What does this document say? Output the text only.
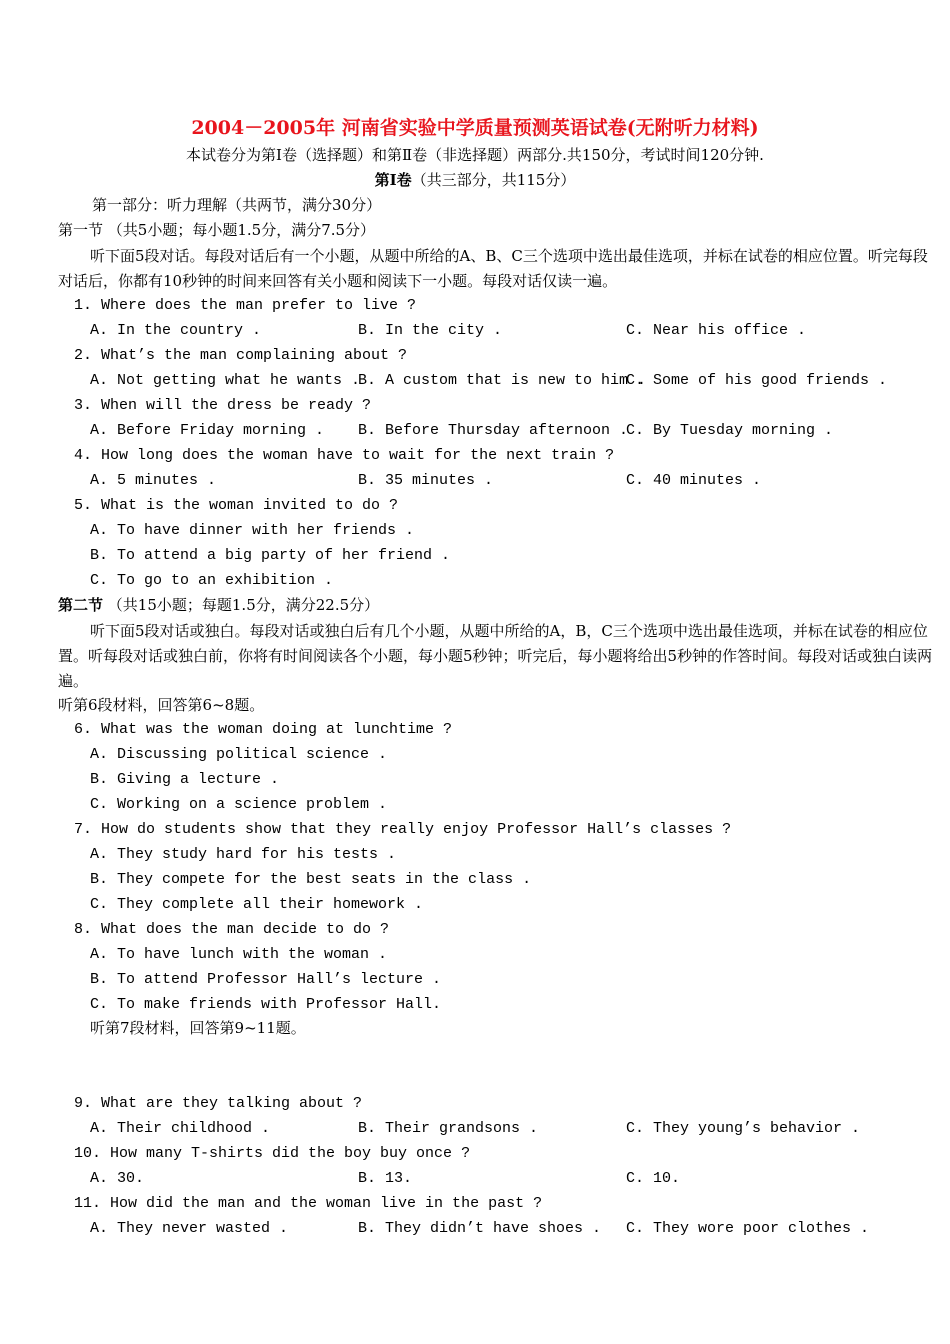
2004－2005年 河南省实验中学质量预测英语试卷(无附听力材料)
本试卷分为第Ⅰ卷（选择题）和第Ⅱ卷（非选择题）两部分.共150分，考试时间120分钟.
第Ⅰ卷（共三部分，共115分）
第一部分：听力理解（共两节，满分30分）
第一节 （共5小题；每小题1.5分，满分7.5分）
听下面5段对话。每段对话后有一个小题，从题中所给的A、B、C三个选项中选出最佳选项，并标在试卷的相应位置。听完每段对话后，你都有10秒钟的时间来回答有关小题和阅读下一小题。每段对话仅读一遍。
1. Where does the man prefer to live ?
A. In the country .	B. In the city .	C. Near his office .
2. What’s the man complaining about ?
A. Not getting what he wants .
B. A custom that is new to him .
C. Some of his good friends .
3. When will the dress be ready ?
A. Before Friday morning . B. Before Thursday afternoon .
C. By Tuesday morning .
4. How long does the woman have to wait for the next train ?
A. 5 minutes .	B. 35 minutes .	C. 40 minutes .
5. What is the woman invited to do ?
A. To have dinner with her friends .
B. To attend a big party of her friend .
C. To go to an exhibition .
第二节 （共15小题；每题1.5分，满分22.5分）
听下面5段对话或独白。每段对话或独白后有几个小题，从题中所给的A，B，C三个选项中选出最佳选项，并标在试卷的相应位置。听每段对话或独白前，你将有时间阅读各个小题，每小题5秒钟；听完后，每小题将给出5秒钟的作答时间。每段对话或独白读两遍。
听第6段材料，回答第6~8题。
6. What was the woman doing at lunchtime ?
A. Discussing political science .
B. Giving a lecture .
C. Working on a science problem .
7. How do students show that they really enjoy Professor Hall’s classes ?
A. They study hard for his tests .
B. They compete for the best seats in the class .
C. They complete all their homework .
8. What does the man decide to do ?
A. To have lunch with the woman .
B. To attend Professor Hall’s lecture .
C. To make friends with Professor Hall.
听第7段材料，回答第9~11题。
9. What are they talking about ?
A. Their childhood .	B. Their grandsons .	C. They young’s behavior .
10. How many T-shirts did the boy buy once ?
A. 30.	B. 13.	C. 10.
11. How did the man and the woman live in the past ?
A. They never wasted .	B. They didn’t have shoes . C. They wore poor clothes .
